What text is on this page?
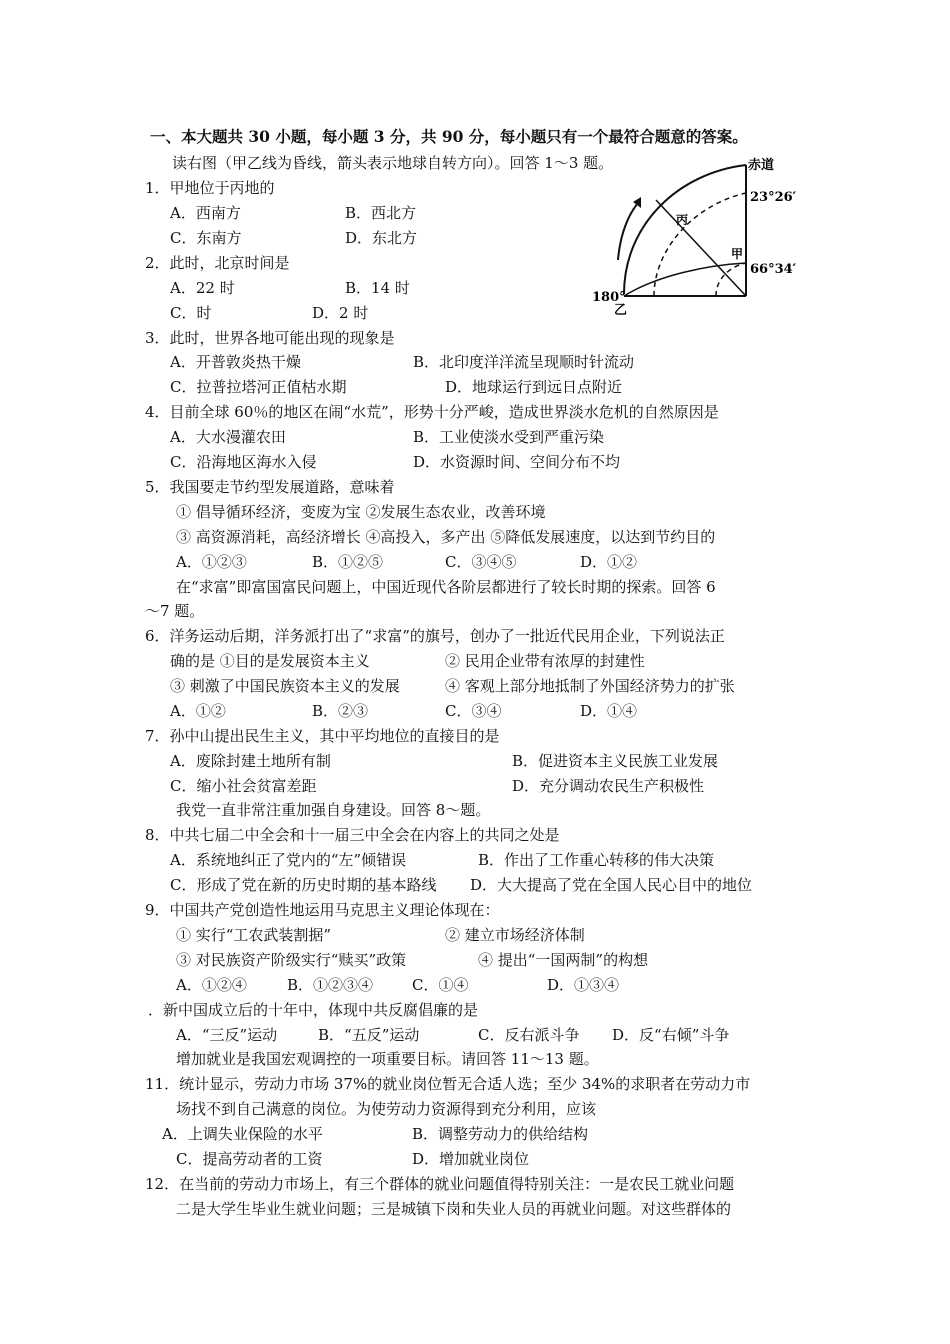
一、本大题共 30 小题，每小题 3 分，共 90 分，每小题只有一个最符合题意的答案。
读右图（甲乙线为昏线，箭头表示地球自转方向）。回答 1～3 题。	赤道
23°26′
66°34′
甲
丙
180°
乙
1．甲地位于丙地的
A．西南方	B．西北方
C．东南方	D．东北方
2．此时，北京时间是
A．22 时	B．14 时
C．时	D．2 时
3．此时，世界各地可能出现的现象是
A．开普敦炎热干燥	B．北印度洋洋流呈现顺时针流动
C．拉普拉塔河正值枯水期	D．地球运行到远日点附近
4．目前全球 60％的地区在闹“水荒”，形势十分严峻，造成世界淡水危机的自然原因是
A．大水漫灌农田	B．工业使淡水受到严重污染
C．沿海地区海水入侵	D．水资源时间、空间分布不均
5．我国要走节约型发展道路，意味着
① 倡导循环经济，变废为宝 ②发展生态农业，改善环境
③ 高资源消耗，高经济增长 ④高投入，多产出 ⑤降低发展速度，以达到节约目的
A．①②③	B．①②⑤	C．③④⑤	D．①②
在“求富”即富国富民问题上，中国近现代各阶层都进行了较长时期的探索。回答 6
～7 题。
6．洋务运动后期，洋务派打出了“求富”的旗号，创办了一批近代民用企业，下列说法正
确的是 ①目的是发展资本主义	② 民用企业带有浓厚的封建性
③ 刺激了中国民族资本主义的发展	④ 客观上部分地抵制了外国经济势力的扩张
A．①②	B．②③	C．③④	D．①④
7．孙中山提出民生主义，其中平均地位的直接目的是
A．废除封建土地所有制	B．促进资本主义民族工业发展
C．缩小社会贫富差距	D．充分调动农民生产积极性
我党一直非常注重加强自身建设。回答 8～题。
8．中共七届二中全会和十一届三中全会在内容上的共同之处是
A．系统地纠正了党内的“左”倾错误	B．作出了工作重心转移的伟大决策
C．形成了党在新的历史时期的基本路线 D．大大提高了党在全国人民心目中的地位
9．中国共产党创造性地运用马克思主义理论体现在：
① 实行“工农武装割据”	② 建立市场经济体制
③ 对民族资产阶级实行“赎买”政策	④ 提出“一国两制”的构想
A．①②④	B．①②③④	C．①④	D．①③④
．新中国成立后的十年中，体现中共反腐倡廉的是
A．“三反”运动	B．“五反”运动	C．反右派斗争 D．反“右倾”斗争
增加就业是我国宏观调控的一项重要目标。请回答 11～13 题。
11．统计显示，劳动力市场 37%的就业岗位暂无合适人选；至少 34%的求职者在劳动力市
场找不到自己满意的岗位。为使劳动力资源得到充分利用，应该
A．上调失业保险的水平	B．调整劳动力的供给结构
C．提高劳动者的工资	D．增加就业岗位
12．在当前的劳动力市场上，有三个群体的就业问题值得特别关注：一是农民工就业问题
二是大学生毕业生就业问题；三是城镇下岗和失业人员的再就业问题。对这些群体的
